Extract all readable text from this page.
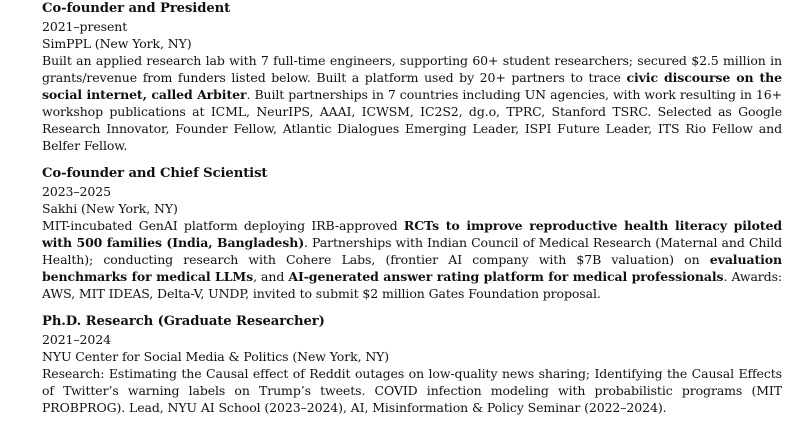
Co-founder and President
2021–present
SimPPL (New York, NY)
Built an applied research lab with 7 full-time engineers, supporting 60+ student researchers; secured $2.5 million in grants/revenue from funders listed below. Built a platform used by 20+ partners to trace civic discourse on the social internet, called Arbiter. Built partnerships in 7 countries including UN agencies, with work resulting in 16+ workshop publications at ICML, NeurIPS, AAAI, ICWSM, IC2S2, dg.o, TPRC, Stanford TSRC. Selected as Google Research Innovator, Founder Fellow, Atlantic Dialogues Emerging Leader, ISPI Future Leader, ITS Rio Fellow and Belfer Fellow.
Co-founder and Chief Scientist
2023–2025
Sakhi (New York, NY)
MIT-incubated GenAI platform deploying IRB-approved RCTs to improve reproductive health literacy piloted with 500 families (India, Bangladesh). Partnerships with Indian Council of Medical Research (Maternal and Child Health); conducting research with Cohere Labs, (frontier AI company with $7B valuation) on evaluation benchmarks for medical LLMs, and AI-generated answer rating platform for medical professionals. Awards: AWS, MIT IDEAS, Delta-V, UNDP, invited to submit $2 million Gates Foundation proposal.
Ph.D. Research (Graduate Researcher)
2021–2024
NYU Center for Social Media & Politics (New York, NY)
Research: Estimating the Causal effect of Reddit outages on low-quality news sharing; Identifying the Causal Effects of Twitter’s warning labels on Trump’s tweets. COVID infection modeling with probabilistic programs (MIT PROBPROG). Lead, NYU AI School (2023–2024), AI, Misinformation & Policy Seminar (2022–2024).
